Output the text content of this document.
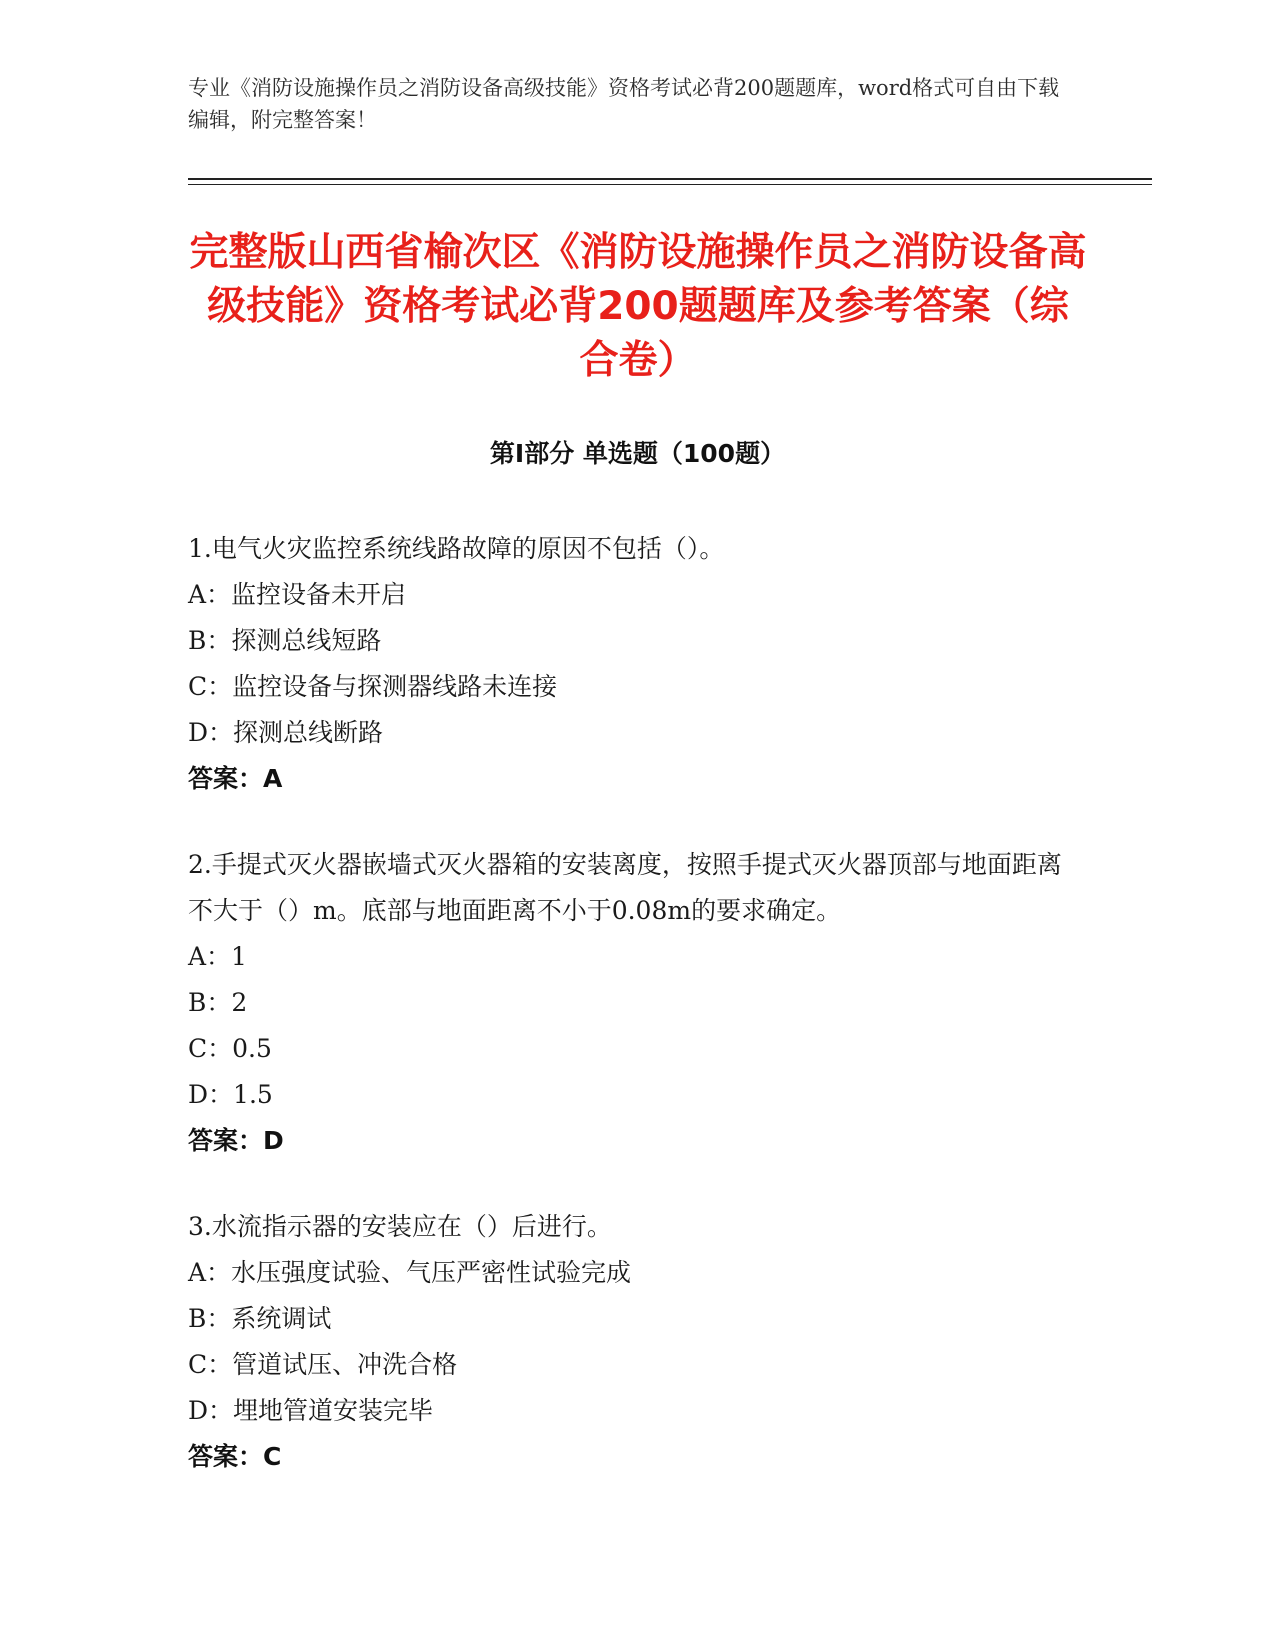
专业《消防设施操作员之消防设备高级技能》资格考试必背200题题库，word格式可自由下载编辑，附完整答案！
完整版山西省榆次区《消防设施操作员之消防设备高级技能》资格考试必背200题题库及参考答案（综合卷）
第I部分 单选题（100题）
1.电气火灾监控系统线路故障的原因不包括（）。
A：监控设备未开启
B：探测总线短路
C：监控设备与探测器线路未连接
D：探测总线断路
答案：A
2.手提式灭火器嵌墙式灭火器箱的安装离度，按照手提式灭火器顶部与地面距离不大于（）m。底部与地面距离不小于0.08m的要求确定。
A：1
B：2
C：0.5
D：1.5
答案：D
3.水流指示器的安装应在（）后进行。
A：水压强度试验、气压严密性试验完成
B：系统调试
C：管道试压、冲洗合格
D：埋地管道安装完毕
答案：C
